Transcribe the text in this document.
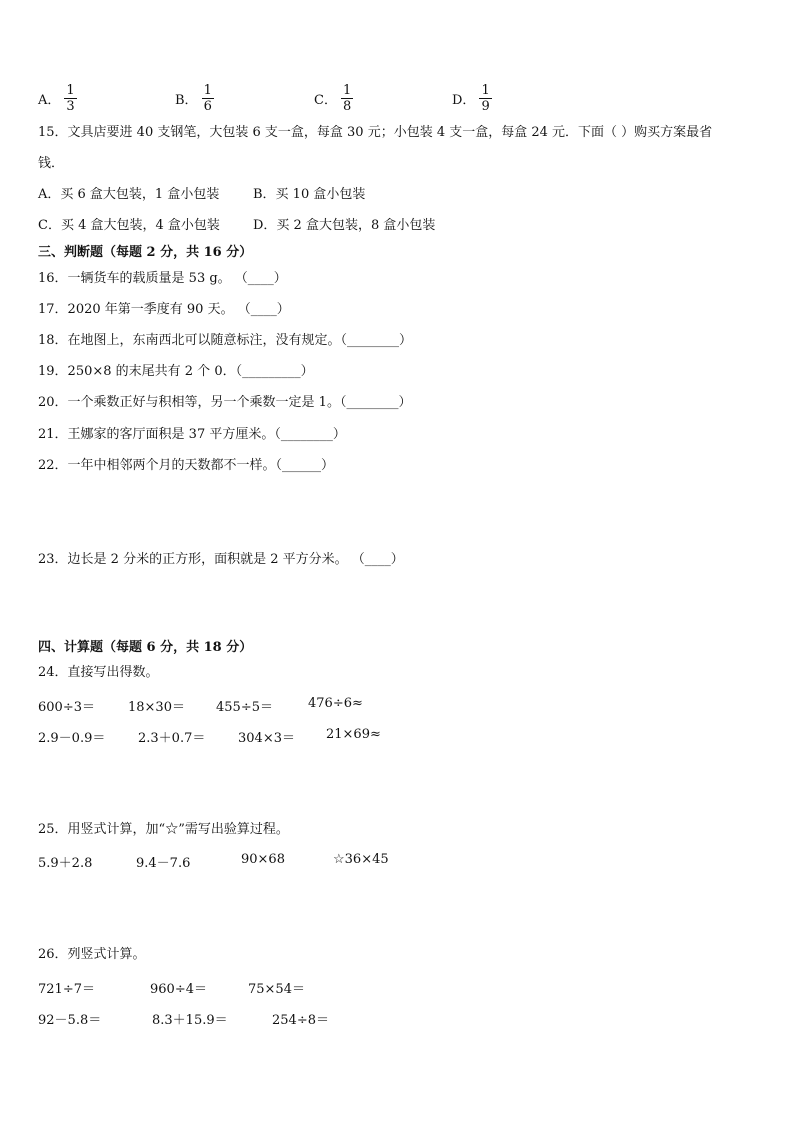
A． $\frac{1}{3}$	B． $\frac{1}{6}$	C． $\frac{1}{8}$	D． $\frac{1}{9}$
15．文具店要进 40 支钢笔，大包装 6 支一盒，每盒 30 元；小包装 4 支一盒，每盒 24 元．下面（ ）购买方案最省
钱．
A．买 6 盒大包装，1 盒小包装	B．买 10 盒小包装
C．买 4 盒大包装，4 盒小包装	D．买 2 盒大包装，8 盒小包装
三、判断题（每题 2 分，共 16 分）
16．一辆货车的载质量是 53 g。 （____）
17．2020 年第一季度有 90 天。 （____）
18．在地图上，东南西北可以随意标注，没有规定。（________）
19．250×8 的末尾共有 2 个 0．（_________）
20．一个乘数正好与积相等，另一个乘数一定是 1。（________）
21．王娜家的客厅面积是 37 平方厘米。（________）
22．一年中相邻两个月的天数都不一样。（______）
23．边长是 2 分米的正方形，面积就是 2 平方分米。 （____）
四、计算题（每题 6 分，共 18 分）
24．直接写出得数。
600÷3＝	18×30＝ 455÷5＝	476÷6≈
2.9－0.9＝	2.3＋0.7＝	304×3＝ 21×69≈
25．用竖式计算，加“☆”需写出验算过程。
5.9＋2.8	9.4－7.6	90×68	☆36×45
26．列竖式计算。
721÷7＝	960÷4＝	75×54＝
92－5.8＝	8.3＋15.9＝	254÷8＝
